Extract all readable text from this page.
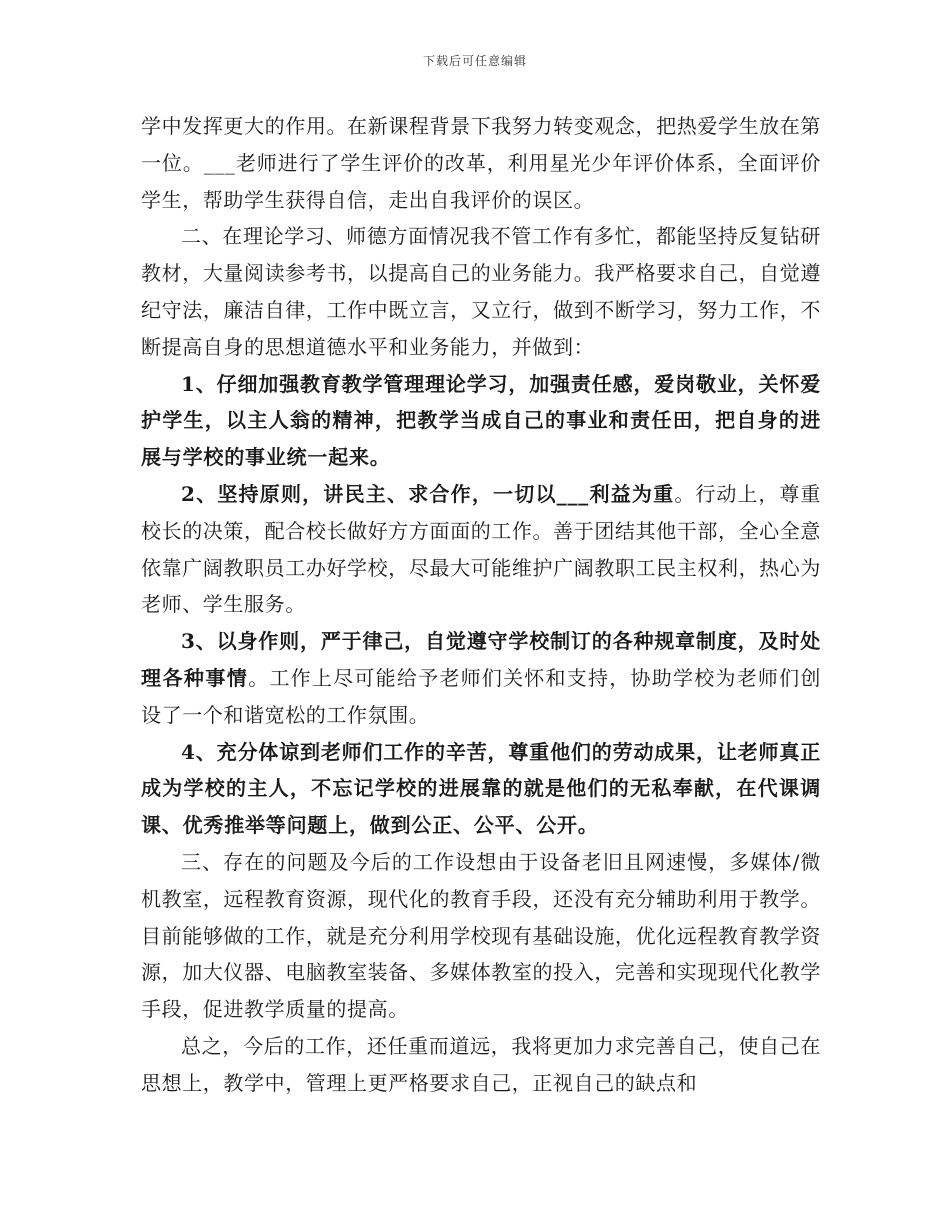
下载后可任意编辑

学中发挥更大的作用。在新课程背景下我努力转变观念，把热爱学生放在第一位。___老师进行了学生评价的改革，利用星光少年评价体系，全面评价学生，帮助学生获得自信，走出自我评价的误区。

二、在理论学习、师德方面情况我不管工作有多忙，都能坚持反复钻研教材，大量阅读参考书，以提高自己的业务能力。我严格要求自己，自觉遵纪守法，廉洁自律，工作中既立言，又立行，做到不断学习，努力工作，不断提高自身的思想道德水平和业务能力，并做到：

1、仔细加强教育教学管理理论学习，加强责任感，爱岗敬业，关怀爱护学生，以主人翁的精神，把教学当成自己的事业和责任田，把自身的进展与学校的事业统一起来。

2、坚持原则，讲民主、求合作，一切以___利益为重。行动上，尊重校长的决策，配合校长做好方方面面的工作。善于团结其他干部，全心全意依靠广阔教职员工办好学校，尽最大可能维护广阔教职工民主权利，热心为老师、学生服务。

3、以身作则，严于律己，自觉遵守学校制订的各种规章制度，及时处理各种事情。工作上尽可能给予老师们关怀和支持，协助学校为老师们创设了一个和谐宽松的工作氛围。

4、充分体谅到老师们工作的辛苦，尊重他们的劳动成果，让老师真正成为学校的主人，不忘记学校的进展靠的就是他们的无私奉献，在代课调课、优秀推举等问题上，做到公正、公平、公开。

三、存在的问题及今后的工作设想由于设备老旧且网速慢，多媒体/微机教室，远程教育资源，现代化的教育手段，还没有充分辅助利用于教学。目前能够做的工作，就是充分利用学校现有基础设施，优化远程教育教学资源，加大仪器、电脑教室装备、多媒体教室的投入，完善和实现现代化教学手段，促进教学质量的提高。

总之，今后的工作，还任重而道远，我将更加力求完善自己，使自己在思想上，教学中，管理上更严格要求自己，正视自己的缺点和
